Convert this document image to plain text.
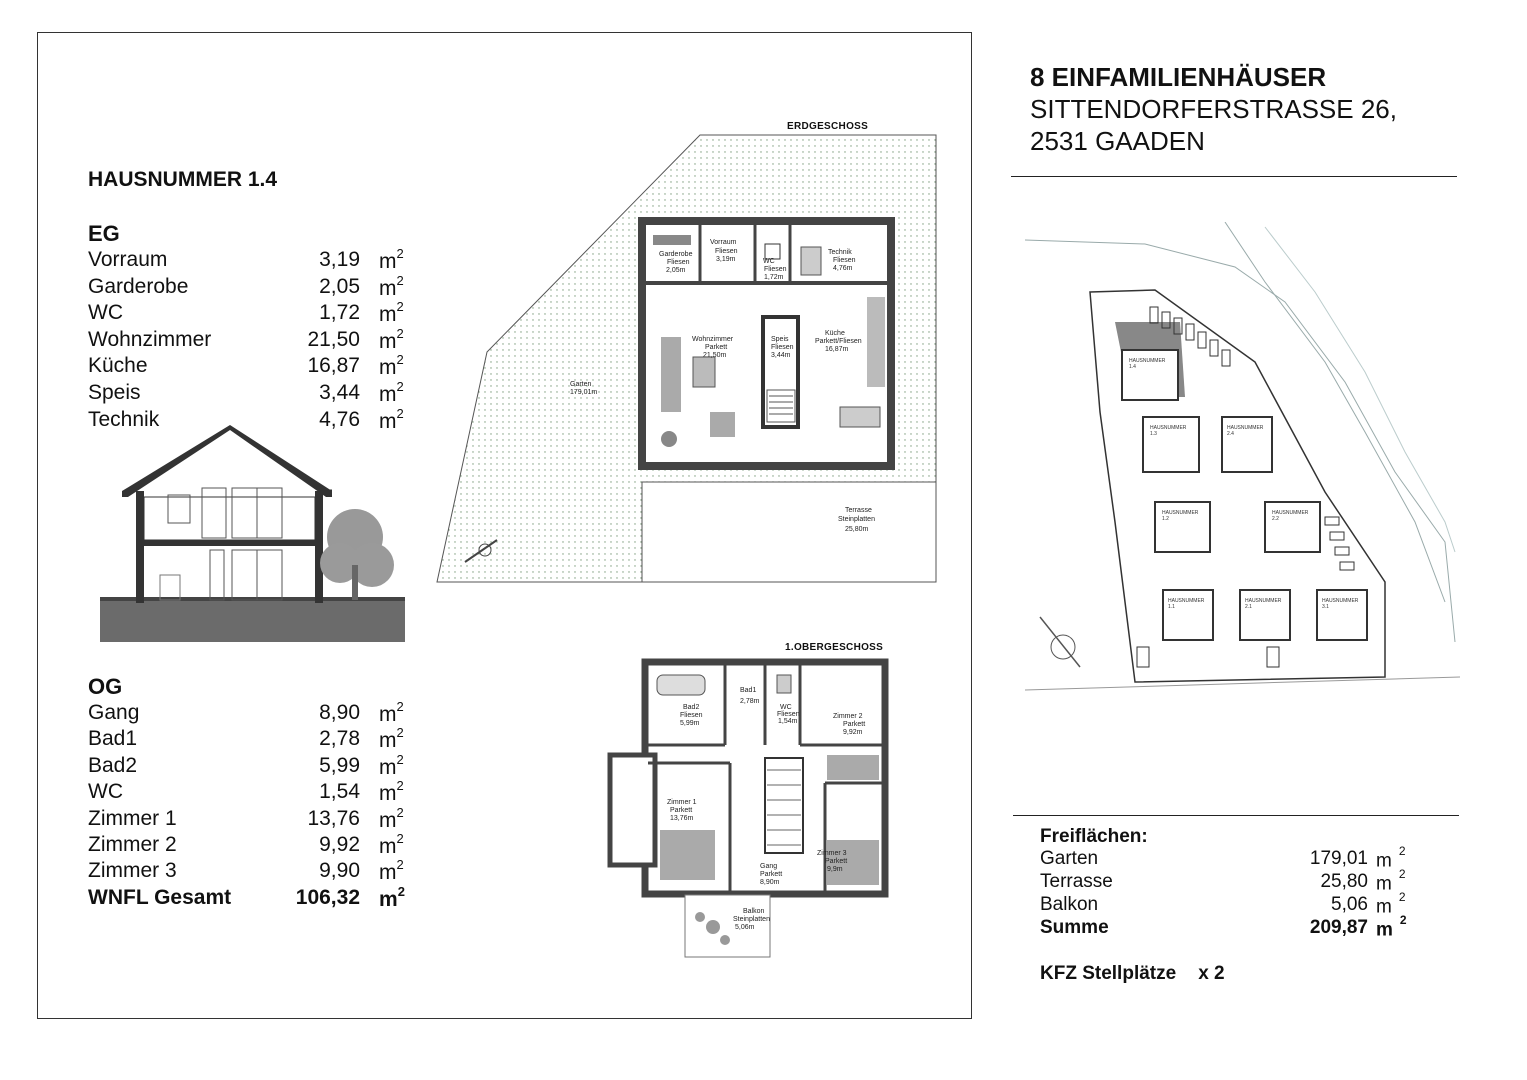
HAUSNUMMER 1.4
EG
Vorraum	3,19 $m^2$
Garderobe	2,05 $m^2$
WC	1,72 $m^2$
Wohnzimmer	21,50 $m^2$
Küche	16,87 $m^2$
Speis	3,44 $m^2$
Technik	4,76 $m^2$
OG
Gang	8,90 $m^2$
Bad1	2,78 $m^2$
Bad2	5,99 $m^2$
WC	1,54 $m^2$
Zimmer 1	13,76 $m^2$
Zimmer 2	9,92 $m^2$
Zimmer 3	9,90 $m^2$
WNFL Gesamt	106,32 $m^2$
ERDGESCHOSS
Garderobe
Fliesen
2,05m
Vorraum
Fliesen
3,19m	WC
Fliesen
1,72m
Technik
Fliesen
4,76m
Wohnzimmer
Parkett
21,50m
Speis
Fliesen
3,44m
Küche
Parkett/Fliesen
16,87m
Garten
179,01m
Terrasse
Steinplatten
25,80m
1.OBERGESCHOSS
Bad1
2,78m
Bad2
Fliesen
5,99m
WC
Fliesen
1,54m
Zimmer 2
Parkett
9,92m
Zimmer 1
Parkett
13,76m
Gang
Parkett
8,90m
Zimmer 3
Parkett
9,9m
Balkon
Steinplatten
5,06m
8 EINFAMILIENHÄUSER
SITTENDORFERSTRASSE 26,
2531 GAADEN
HAUSNUMMER 1.4
HAUSNUMMER 1.3
HAUSNUMMER 2.4
HAUSNUMMER 1.2
HAUSNUMMER 2.2
HAUSNUMMER 1.1
HAUSNUMMER 2.1
HAUSNUMMER 3.1
Freiflächen:
Garten	179,01 m $^2$
Terrasse	25,80 m $^2$
Balkon	5,06 m $^2$
Summe	209,87 m $^2$
KFZ Stellplätze x 2
